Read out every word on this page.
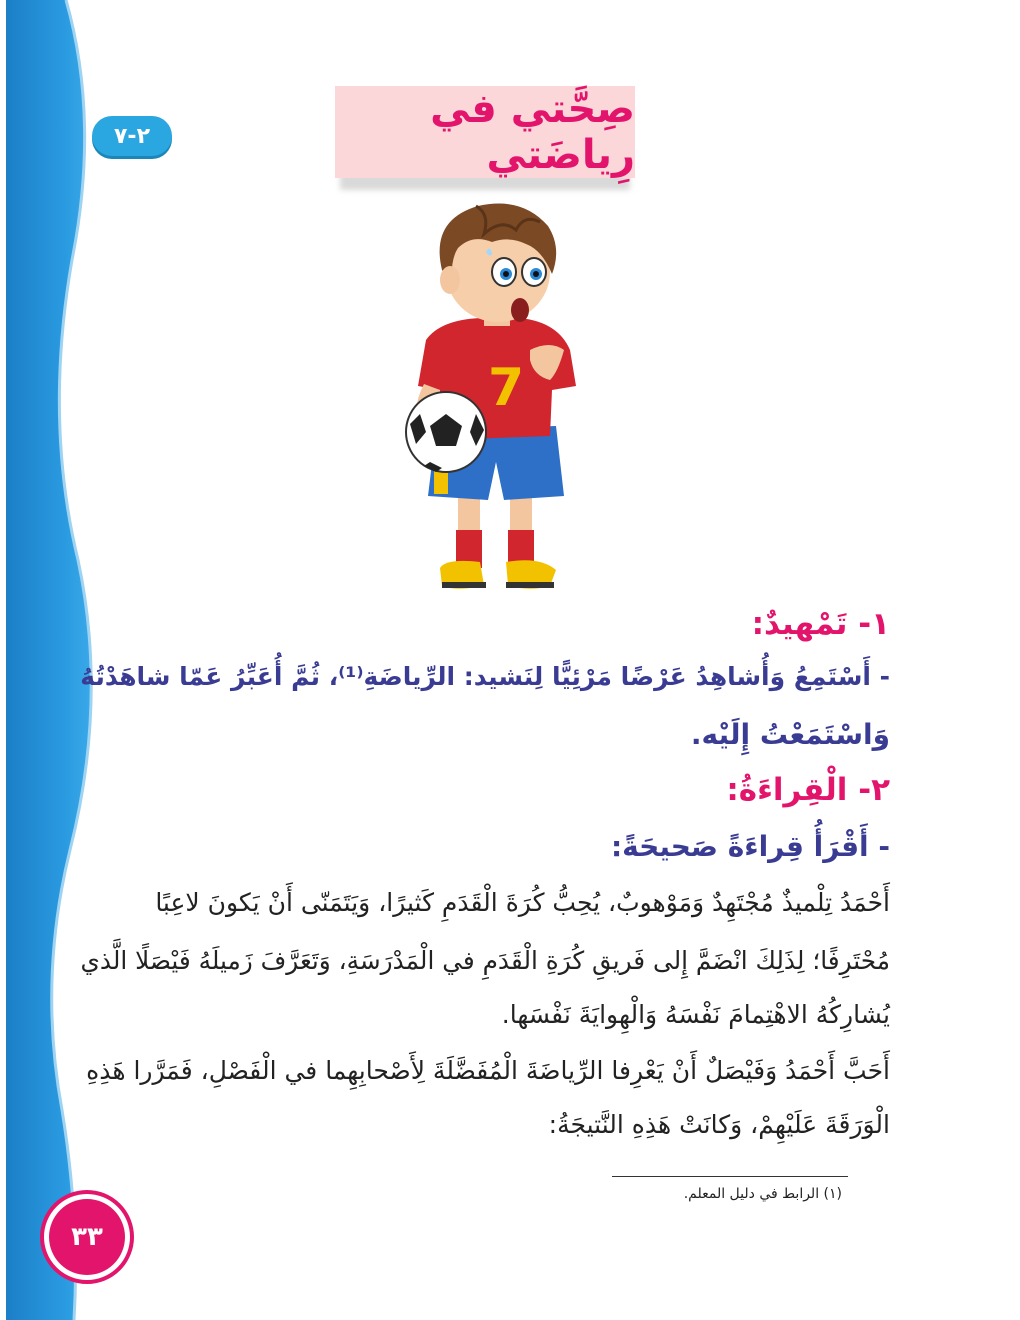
٢-٧
صِحَّتي في رِياضَتي
7
١- تَمْهيدٌ:
- أَسْتَمِعُ وَأُشاهِدُ عَرْضًا مَرْئِيًّا لِنَشيد: الرِّياضَةِ⁽¹⁾، ثُمَّ أُعَبِّرُ عَمّا شاهَدْتُهُ
وَاسْتَمَعْتُ إِلَيْه.
٢- الْقِراءَةُ:
- أَقْرَأُ قِراءَةً صَحيحَةً:
أَحْمَدُ تِلْميذٌ مُجْتَهِدٌ وَمَوْهوبٌ، يُحِبُّ كُرَةَ الْقَدَمِ كَثيرًا، وَيَتَمَنّى أَنْ يَكونَ لاعِبًا
مُحْتَرِفًا؛ لِذَلِكَ انْضَمَّ إِلى فَريقِ كُرَةِ الْقَدَمِ في الْمَدْرَسَةِ، وَتَعَرَّفَ زَميلَهُ فَيْصَلًا الَّذي
يُشارِكُهُ الاهْتِمامَ نَفْسَهُ وَالْهِوايَةَ نَفْسَها.
أَحَبَّ أَحْمَدُ وَفَيْصَلٌ أَنْ يَعْرِفا الرِّياضَةَ الْمُفَضَّلَةَ لِأَصْحابِهِما في الْفَصْلِ، فَمَرَّرا هَذِهِ
الْوَرَقَةَ عَلَيْهِمْ، وَكانَتْ هَذِهِ النَّتيجَةُ:
(١) الرابط في دليل المعلم.
٣٣
